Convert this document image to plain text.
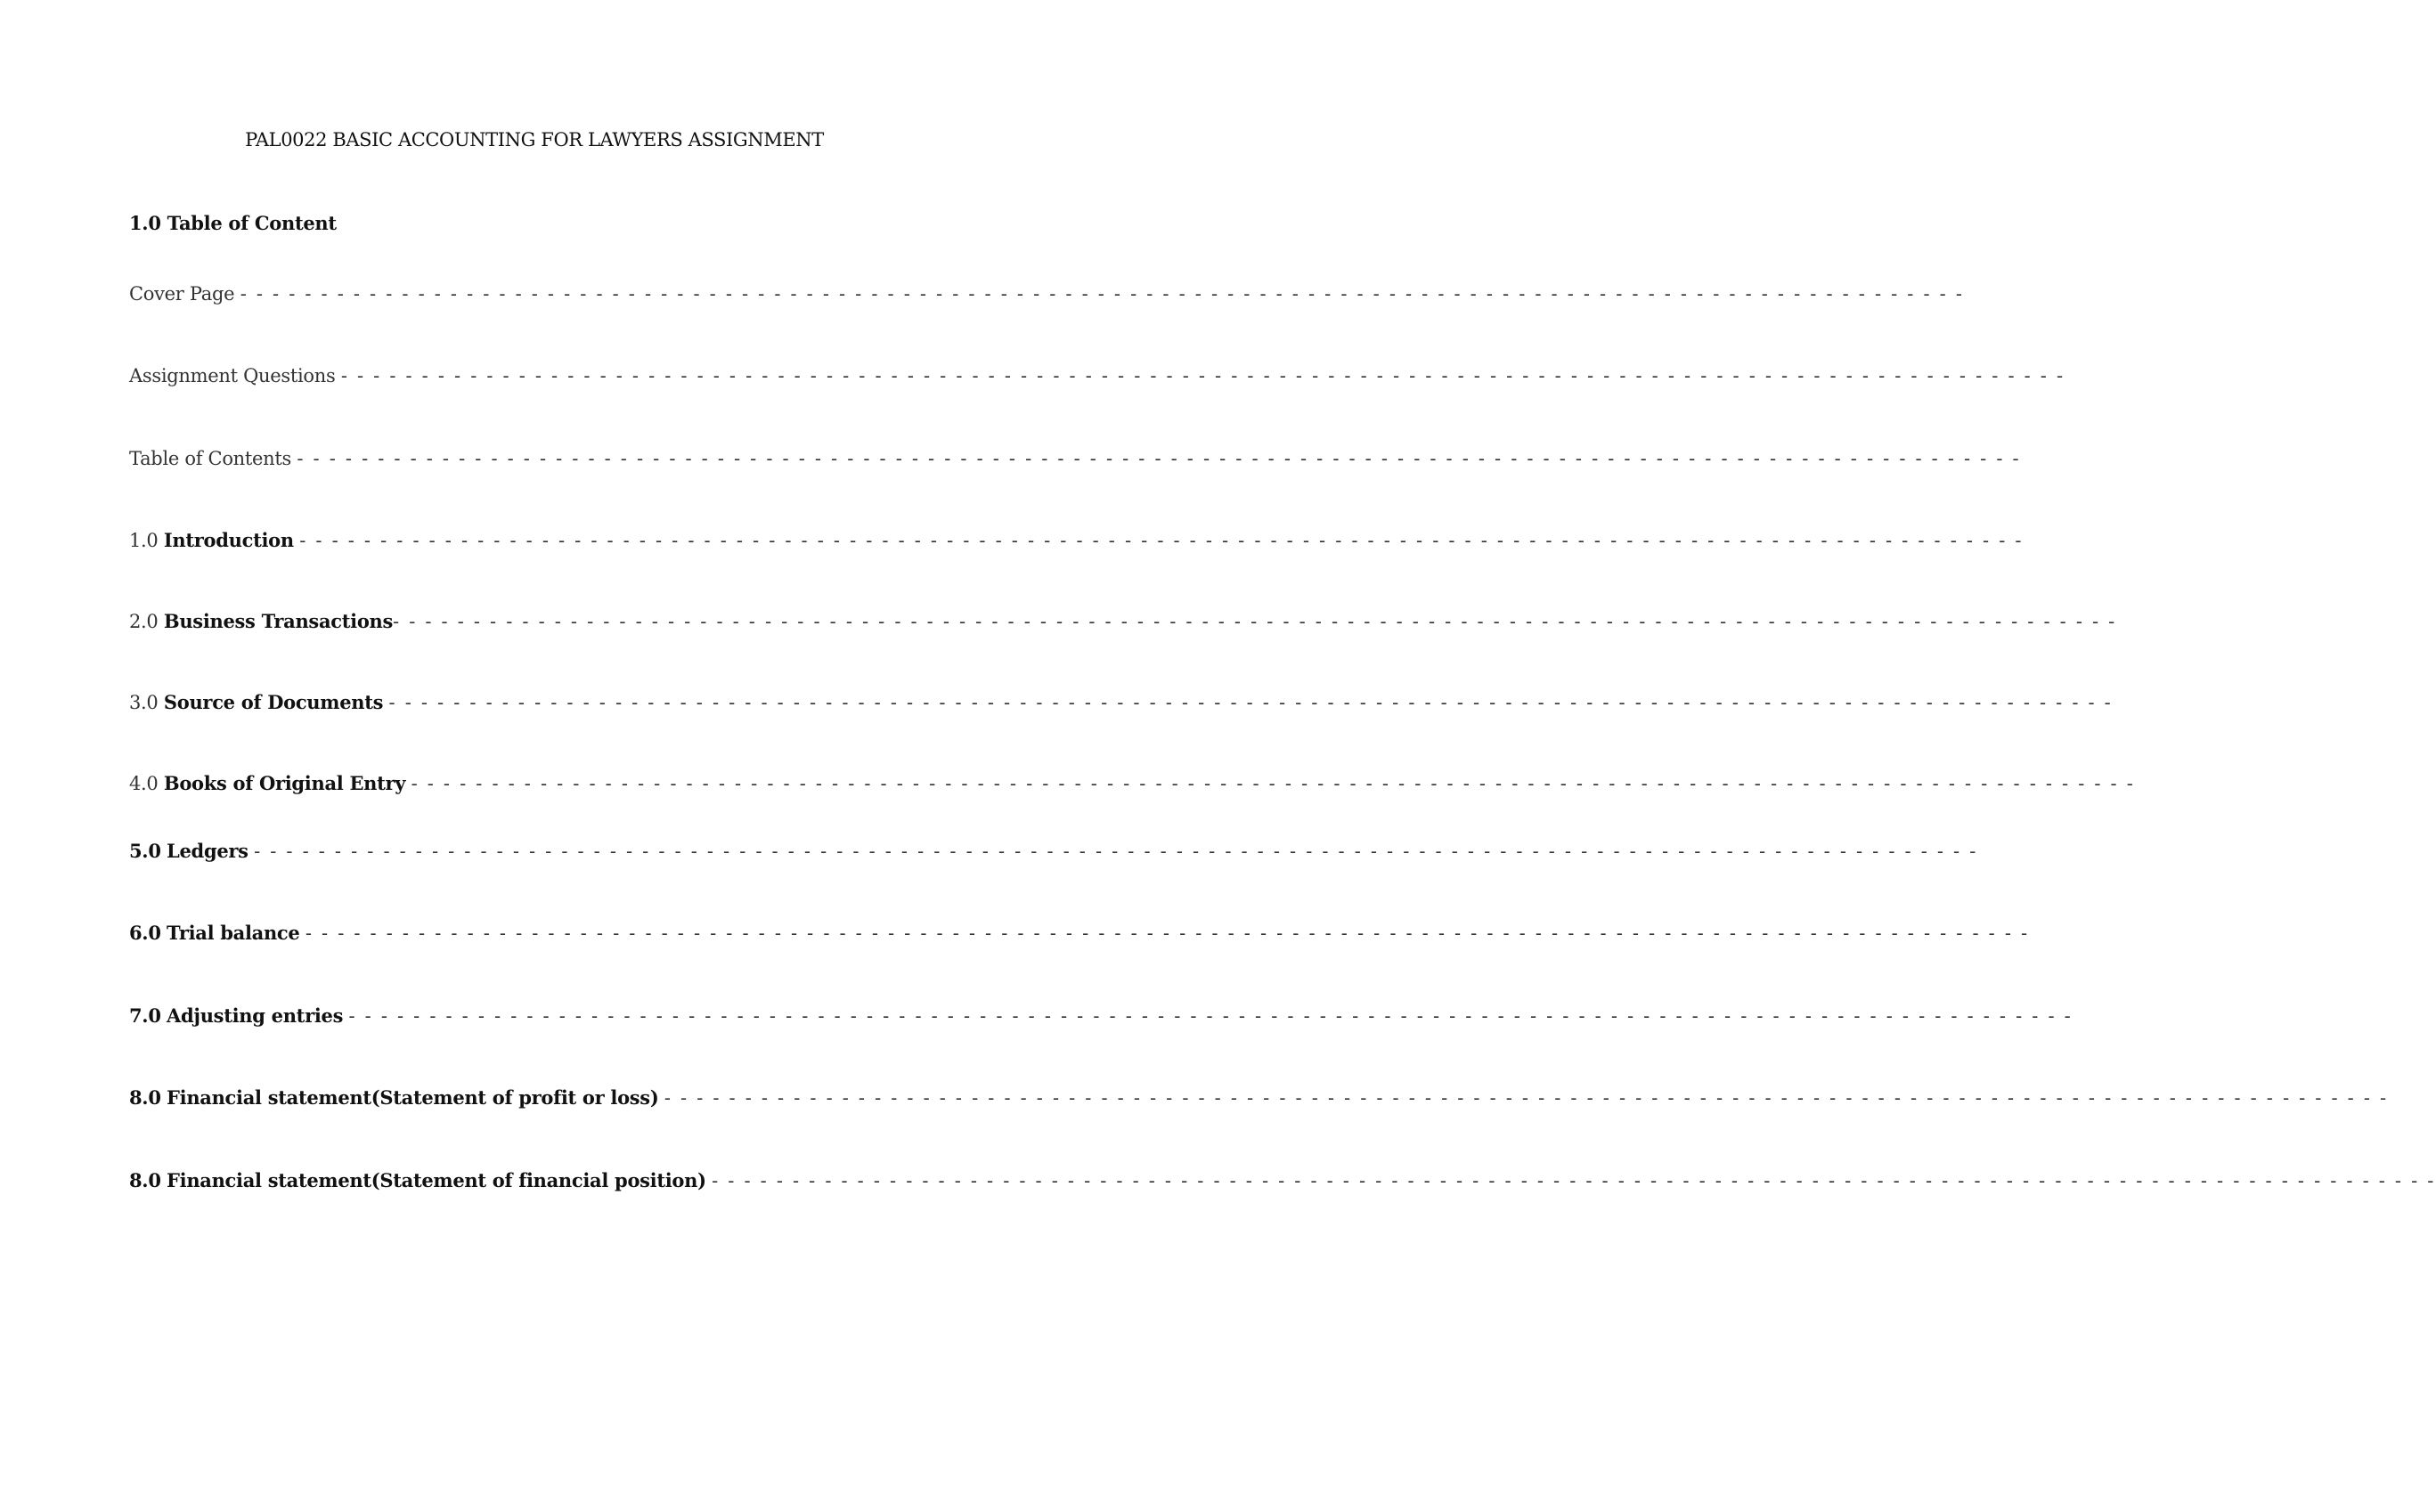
PAL0022 BASIC ACCOUNTING FOR LAWYERS ASSIGNMENT
1.0 Table of Content
Cover Page - - - - - - - - - - - - - - - - - - - - - - - - - - - - - - - - - - - - - - - - - - - - - - - - - - - - - - - - - - - - - - - - - - - - - - - - - - - - - - - - - - - - - - - - - - - - - - - - - - - - - - - - - - -
Assignment Questions - - - - - - - - - - - - - - - - - - - - - - - - - - - - - - - - - - - - - - - - - - - - - - - - - - - - - - - - - - - - - - - - - - - - - - - - - - - - - - - - - - - - - - - - - - - - - - - - - - - - - - - - - - -
Table of Contents - - - - - - - - - - - - - - - - - - - - - - - - - - - - - - - - - - - - - - - - - - - - - - - - - - - - - - - - - - - - - - - - - - - - - - - - - - - - - - - - - - - - - - - - - - - - - - - - - - - - - - - - - - -
1.0 Introduction - - - - - - - - - - - - - - - - - - - - - - - - - - - - - - - - - - - - - - - - - - - - - - - - - - - - - - - - - - - - - - - - - - - - - - - - - - - - - - - - - - - - - - - - - - - - - - - - - - - - - - - - - - -
2.0 Business Transactions- - - - - - - - - - - - - - - - - - - - - - - - - - - - - - - - - - - - - - - - - - - - - - - - - - - - - - - - - - - - - - - - - - - - - - - - - - - - - - - - - - - - - - - - - - - - - - - - - - - - - - - - - - -
3.0 Source of Documents - - - - - - - - - - - - - - - - - - - - - - - - - - - - - - - - - - - - - - - - - - - - - - - - - - - - - - - - - - - - - - - - - - - - - - - - - - - - - - - - - - - - - - - - - - - - - - - - - - - - - - - - - - -
4.0 Books of Original Entry - - - - - - - - - - - - - - - - - - - - - - - - - - - - - - - - - - - - - - - - - - - - - - - - - - - - - - - - - - - - - - - - - - - - - - - - - - - - - - - - - - - - - - - - - - - - - - - - - - - - - - - - - - -
5.0 Ledgers - - - - - - - - - - - - - - - - - - - - - - - - - - - - - - - - - - - - - - - - - - - - - - - - - - - - - - - - - - - - - - - - - - - - - - - - - - - - - - - - - - - - - - - - - - - - - - - - - - - - - - - - - - -
6.0 Trial balance - - - - - - - - - - - - - - - - - - - - - - - - - - - - - - - - - - - - - - - - - - - - - - - - - - - - - - - - - - - - - - - - - - - - - - - - - - - - - - - - - - - - - - - - - - - - - - - - - - - - - - - - - - -
7.0 Adjusting entries - - - - - - - - - - - - - - - - - - - - - - - - - - - - - - - - - - - - - - - - - - - - - - - - - - - - - - - - - - - - - - - - - - - - - - - - - - - - - - - - - - - - - - - - - - - - - - - - - - - - - - - - - - -
8.0 Financial statement(Statement of profit or loss) - - - - - - - - - - - - - - - - - - - - - - - - - - - - - - - - - - - - - - - - - - - - - - - - - - - - - - - - - - - - - - - - - - - - - - - - - - - - - - - - - - - - - - - - - - - - - - - - - - - - - - - - - - -
8.0 Financial statement(Statement of financial position) - - - - - - - - - - - - - - - - - - - - - - - - - - - - - - - - - - - - - - - - - - - - - - - - - - - - - - - - - - - - - - - - - - - - - - - - - - - - - - - - - - - - - - - - - - - - - - - - - - - - - - - - - - -
